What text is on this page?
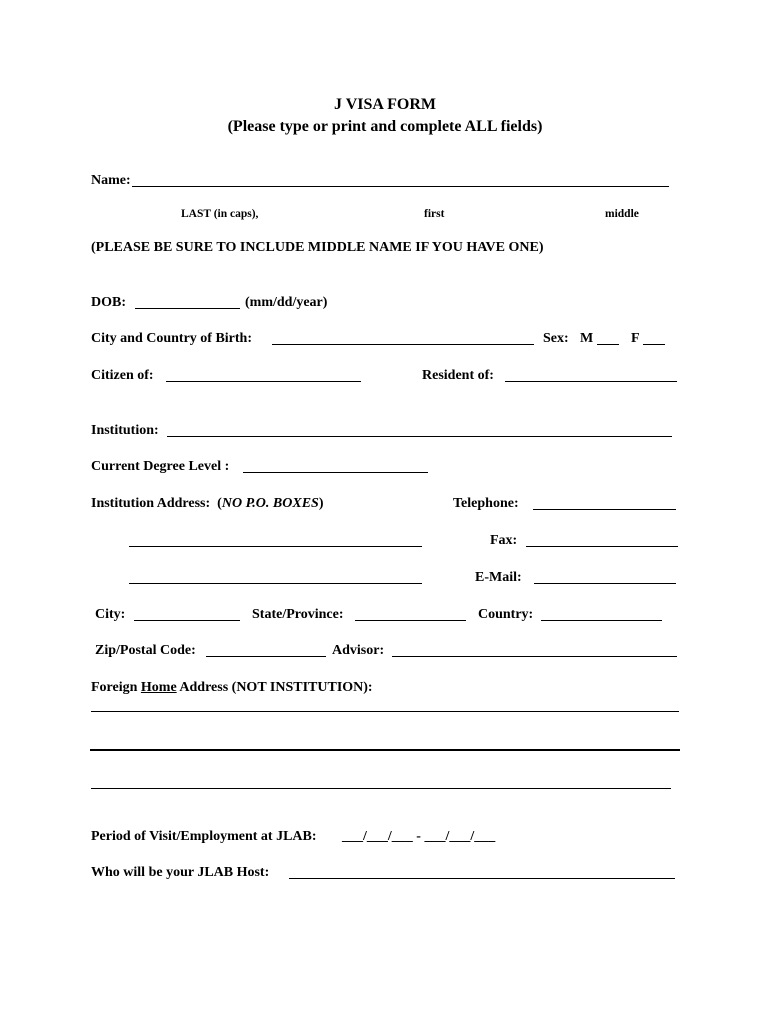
J VISA FORM
(Please type or print and complete ALL fields)
Name:
LAST (in caps),	first	middle
(PLEASE BE SURE TO INCLUDE MIDDLE NAME IF YOU HAVE ONE)
DOB:	(mm/dd/year)
City and Country of Birth:	Sex: M	F
Citizen of:	Resident of:
Institution:
Current Degree Level :
Institution Address:  (NO P.O. BOXES)	Telephone:
Fax:
E-Mail:
City:	State/Province:	Country:
Zip/Postal Code:	Advisor:
Foreign Home Address (NOT INSTITUTION):
Period of Visit/Employment at JLAB: ___/___/___ - ___/___/___
Who will be your JLAB Host:
